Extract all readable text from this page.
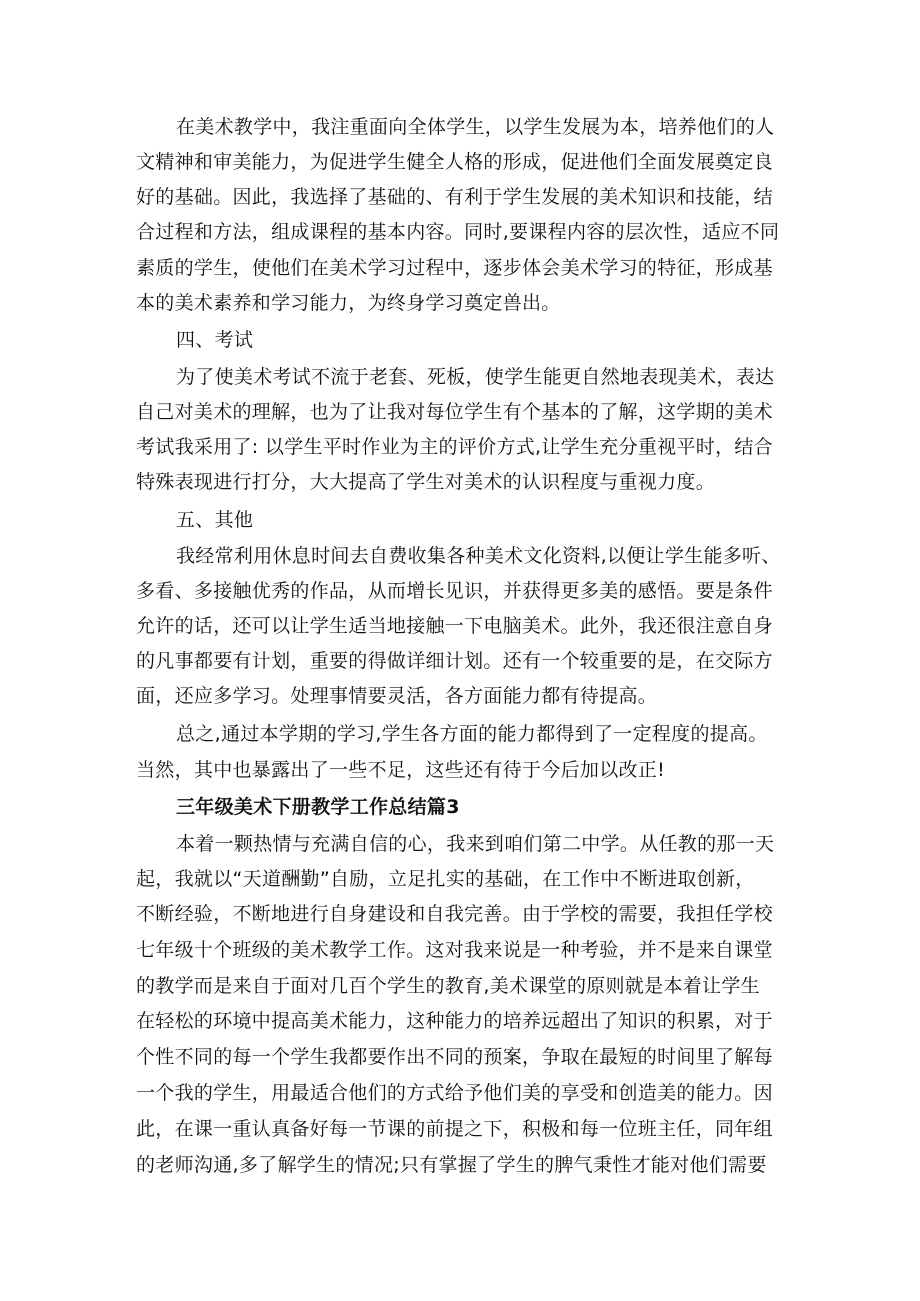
在美术教学中，我注重面向全体学生，以学生发展为本，培养他们的人

文精神和审美能力，为促进学生健全人格的形成，促进他们全面发展奠定良

好的基础。因此，我选择了基础的、有利于学生发展的美术知识和技能，结

合过程和方法，组成课程的基本内容。同时,要课程内容的层次性，适应不同

素质的学生，使他们在美术学习过程中，逐步体会美术学习的特征，形成基

本的美术素养和学习能力，为终身学习奠定兽出。

四、考试

为了使美术考试不流于老套、死板，使学生能更自然地表现美术，表达

自己对美术的理解，也为了让我对每位学生有个基本的了解，这学期的美术

考试我采用了: 以学生平时作业为主的评价方式,让学生充分重视平时，结合

特殊表现进行打分，大大提高了学生对美术的认识程度与重视力度。

五、其他

我经常利用休息时间去自费收集各种美术文化资料,以便让学生能多听、

多看、多接触优秀的作品，从而增长见识，并获得更多美的感悟。要是条件

允许的话，还可以让学生适当地接触一下电脑美术。此外，我还很注意自身

的凡事都要有计划，重要的得做详细计划。还有一个较重要的是，在交际方

面，还应多学习。处理事情要灵活，各方面能力都有待提高。

总之,通过本学期的学习,学生各方面的能力都得到了一定程度的提高。

当然，其中也暴露出了一些不足，这些还有待于今后加以改正!

三年级美术下册教学工作总结篇3

本着一颗热情与充满自信的心，我来到咱们第二中学。从任教的那一天

起，我就以“天道酬勤”自励，立足扎实的基础，在工作中不断进取创新，

不断经验，不断地进行自身建设和自我完善。由于学校的需要，我担任学校

七年级十个班级的美术教学工作。这对我来说是一种考验，并不是来自课堂

的教学而是来自于面对几百个学生的教育,美术课堂的原则就是本着让学生

在轻松的环境中提高美术能力，这种能力的培养远超出了知识的积累，对于

个性不同的每一个学生我都要作出不同的预案，争取在最短的时间里了解每

一个我的学生，用最适合他们的方式给予他们美的享受和创造美的能力。因

此，在课一重认真备好每一节课的前提之下，积极和每一位班主任，同年组

的老师沟通,多了解学生的情况;只有掌握了学生的脾气秉性才能对他们需要
